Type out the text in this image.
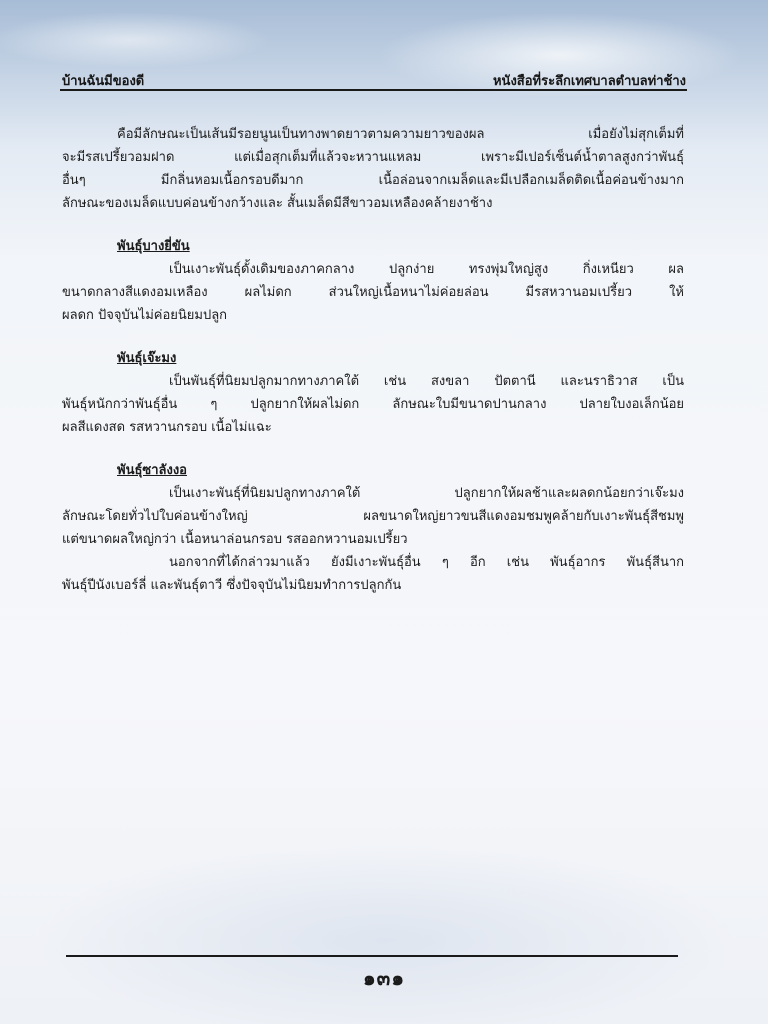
บ้านฉันมีของดี	หนังสือที่ระลึกเทศบาลตำบลท่าช้าง
คือมีลักษณะเป็นเส้นมีรอยนูนเป็นทางพาดยาวตามความยาวของผล เมื่อยังไม่สุกเต็มที่
จะมีรสเปรี้ยวอมฝาด แต่เมื่อสุกเต็มที่แล้วจะหวานแหลม เพราะมีเปอร์เซ็นต์น้ำตาลสูงกว่าพันธุ์
อื่นๆ มีกลิ่นหอมเนื้อกรอบดีมาก เนื้อล่อนจากเมล็ดและมีเปลือกเมล็ดติดเนื้อค่อนข้างมาก
ลักษณะของเมล็ดแบบค่อนข้างกว้างและ สั้นเมล็ดมีสีขาวอมเหลืองคล้ายงาช้าง
พันธุ์บางยี่ขัน
เป็นเงาะพันธุ์ดั้งเดิมของภาคกลาง ปลูกง่าย ทรงพุ่มใหญ่สูง กิ่งเหนียว ผล
ขนาดกลางสีแดงอมเหลือง ผลไม่ดก ส่วนใหญ่เนื้อหนาไม่ค่อยล่อน มีรสหวานอมเปรี้ยว ให้
ผลดก ปัจจุบันไม่ค่อยนิยมปลูก
พันธุ์เจ๊ะมง
เป็นพันธุ์ที่นิยมปลูกมากทางภาคใต้ เช่น สงขลา ปัตตานี และนราธิวาส เป็น
พันธุ์หนักกว่าพันธุ์อื่น ๆ ปลูกยากให้ผลไม่ดก ลักษณะใบมีขนาดปานกลาง ปลายใบงอเล็กน้อย
ผลสีแดงสด รสหวานกรอบ เนื้อไม่แฉะ
พันธุ์ซาลังงอ
เป็นเงาะพันธุ์ที่นิยมปลูกทางภาคใต้ ปลูกยากให้ผลช้าและผลดกน้อยกว่าเจ๊ะมง
ลักษณะโดยทั่วไปใบค่อนข้างใหญ่ ผลขนาดใหญ่ยาวขนสีแดงอมชมพูคล้ายกับเงาะพันธุ์สีชมพู
แต่ขนาดผลใหญ่กว่า เนื้อหนาล่อนกรอบ รสออกหวานอมเปรี้ยว
นอกจากที่ได้กล่าวมาแล้ว ยังมีเงาะพันธุ์อื่น ๆ อีก เช่น พันธุ์อากร พันธุ์สีนาก
พันธุ์ปีนังเบอร์ลี่ และพันธุ์ตาวี ซึ่งปัจจุบันไม่นิยมทำการปลูกกัน
๑๓๑
